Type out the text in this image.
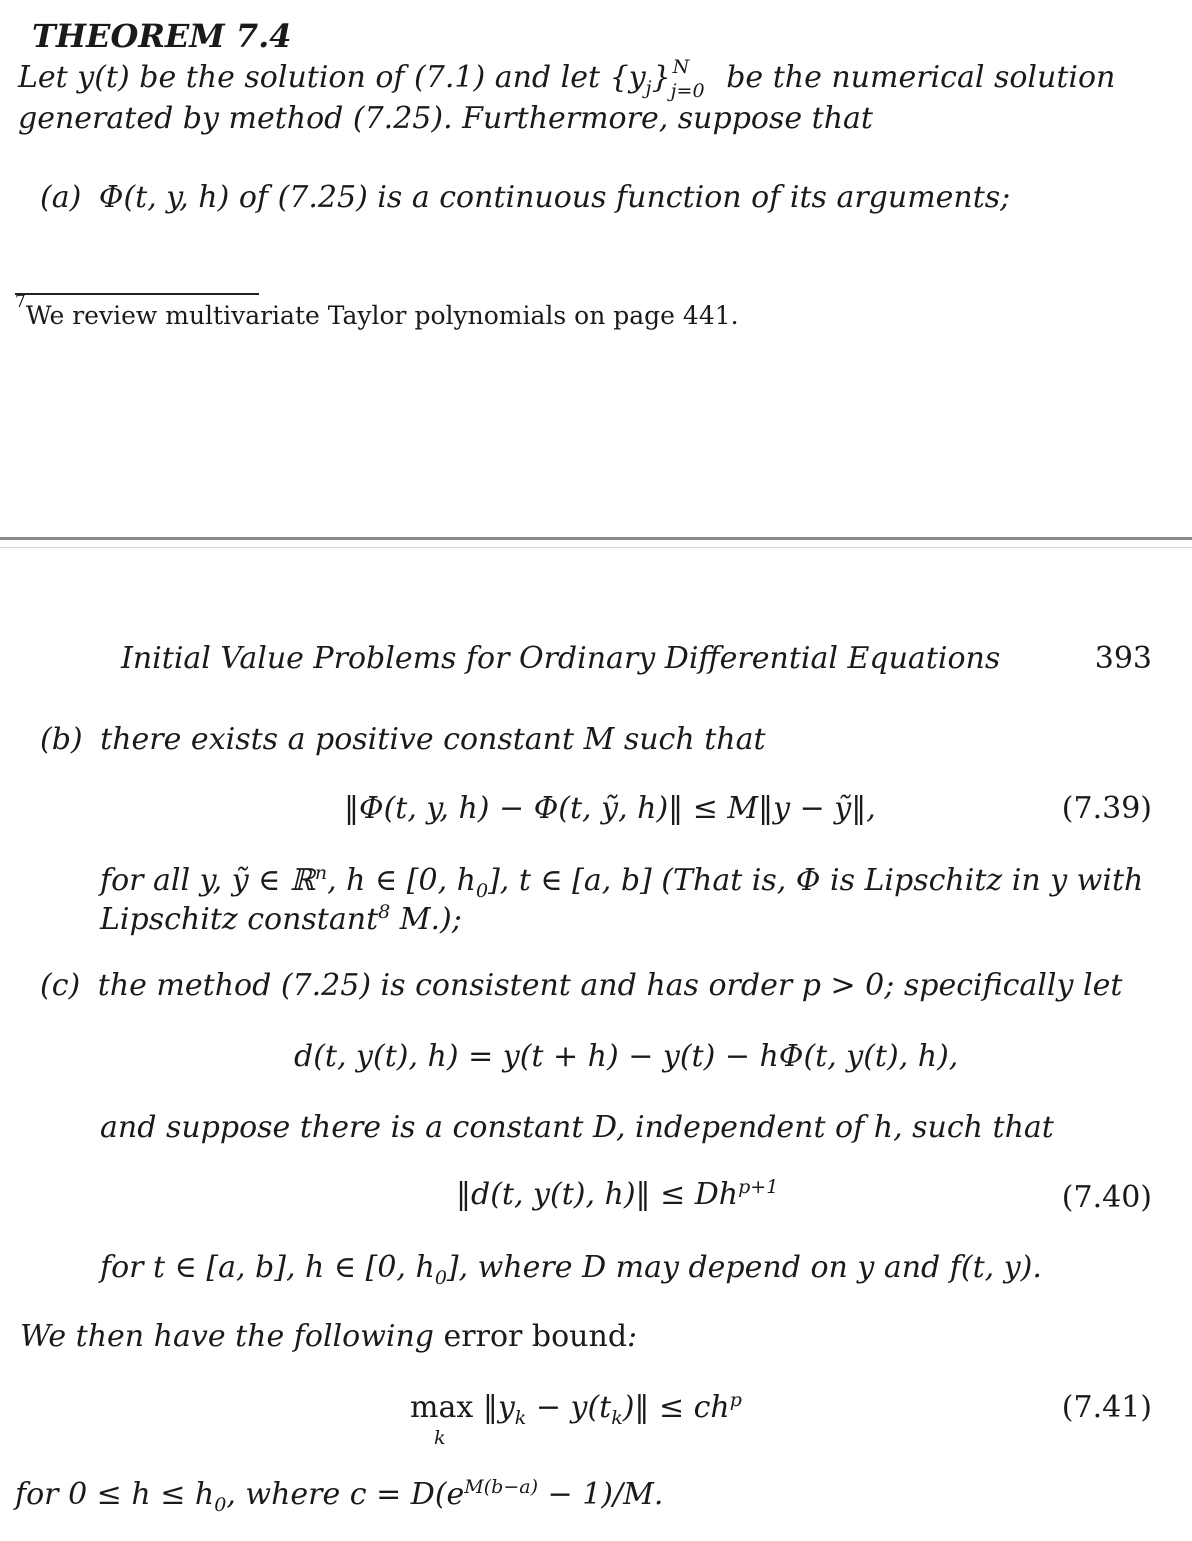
THEOREM 7.4
Let y(t) be the solution of (7.1) and let $\{y_j\}$ N
j=0 be the numerical solution
generated by method (7.25). Furthermore, suppose that
(a) Φ(t, y, h) of (7.25) is a continuous function of its arguments;
$^7$We review multivariate Taylor polynomials on page 441.
Initial Value Problems for Ordinary Differential Equations	393
(b) there exists a positive constant M such that
‖Φ(t, y, h) − Φ(t, ỹ, h)‖ ≤ M‖y − ỹ‖,	(7.39)
for all y, ỹ ∈ ℝ$^n$, h ∈ [0, $h_0$], t ∈ [a, b] (That is, Φ is Lipschitz in y with
Lipschitz constant$^8$ M.);
(c) the method (7.25) is consistent and has order p > 0; specifically let
d(t, y(t), h) = y(t + h) − y(t) − hΦ(t, y(t), h),
and suppose there is a constant D, independent of h, such that
‖d(t, y(t), h)‖ ≤ $Dh^{p+1}$	(7.40)
for t ∈ [a, b], h ∈ [0, $h_0$], where D may depend on y and f(t, y).
We then have the following error bound:
max
k
$‖y_k$ − $y(t_k)‖ \le ch^p$	(7.41)
for $0 \le h \le h_0$, where $c = D(e^{M(b-a)} - 1)/M$.
